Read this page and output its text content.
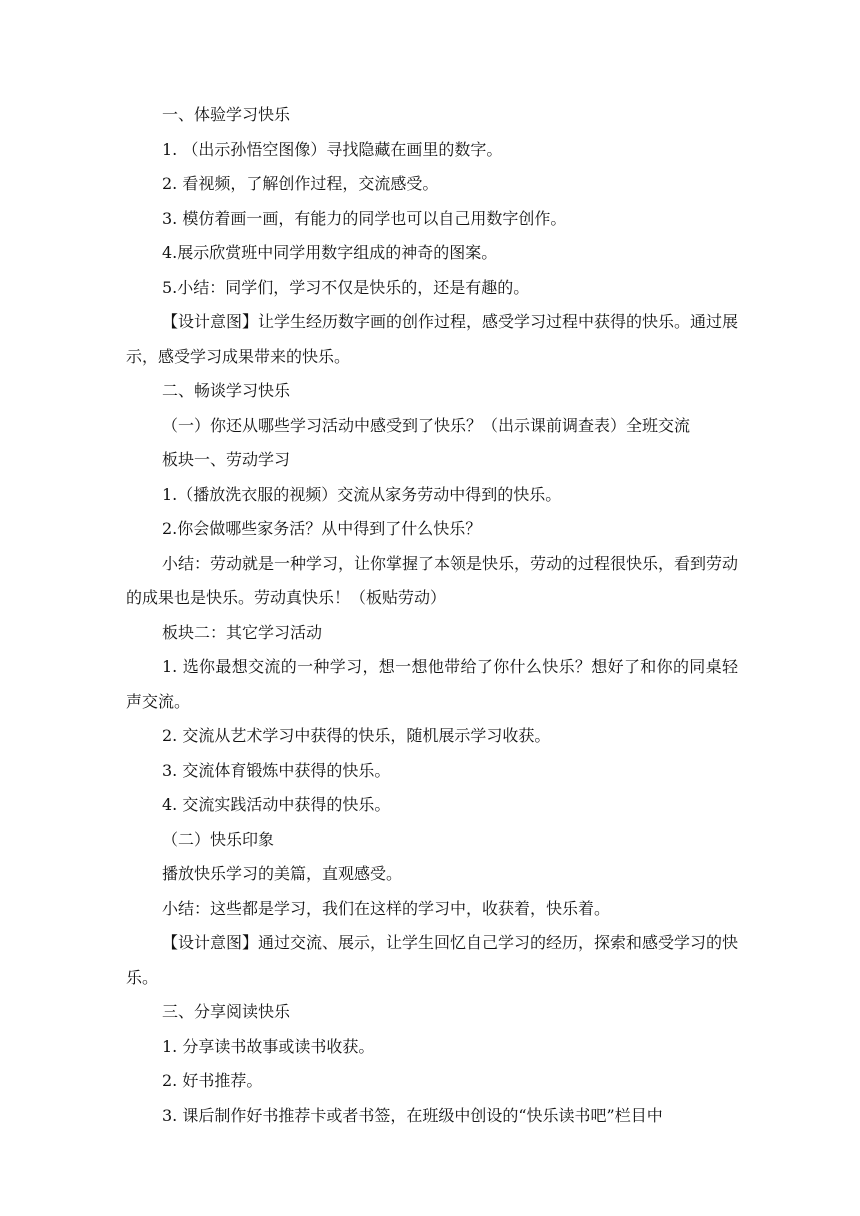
一、体验学习快乐

1. （出示孙悟空图像）寻找隐藏在画里的数字。

2. 看视频，了解创作过程，交流感受。

3. 模仿着画一画，有能力的同学也可以自己用数字创作。

4.展示欣赏班中同学用数字组成的神奇的图案。

5.小结：同学们，学习不仅是快乐的，还是有趣的。

【设计意图】让学生经历数字画的创作过程，感受学习过程中获得的快乐。通过展示，感受学习成果带来的快乐。

二、畅谈学习快乐

（一）你还从哪些学习活动中感受到了快乐？（出示课前调查表）全班交流

板块一、劳动学习

1.（播放洗衣服的视频）交流从家务劳动中得到的快乐。

2.你会做哪些家务活？从中得到了什么快乐？

小结：劳动就是一种学习，让你掌握了本领是快乐，劳动的过程很快乐，看到劳动的成果也是快乐。劳动真快乐！（板贴劳动）

板块二：其它学习活动

1. 选你最想交流的一种学习，想一想他带给了你什么快乐？想好了和你的同桌轻声交流。

2. 交流从艺术学习中获得的快乐，随机展示学习收获。

3. 交流体育锻炼中获得的快乐。

4. 交流实践活动中获得的快乐。

（二）快乐印象

播放快乐学习的美篇，直观感受。

小结：这些都是学习，我们在这样的学习中，收获着，快乐着。

【设计意图】通过交流、展示，让学生回忆自己学习的经历，探索和感受学习的快乐。

三、分享阅读快乐

1. 分享读书故事或读书收获。

2. 好书推荐。

3. 课后制作好书推荐卡或者书签，在班级中创设的“快乐读书吧”栏目中
